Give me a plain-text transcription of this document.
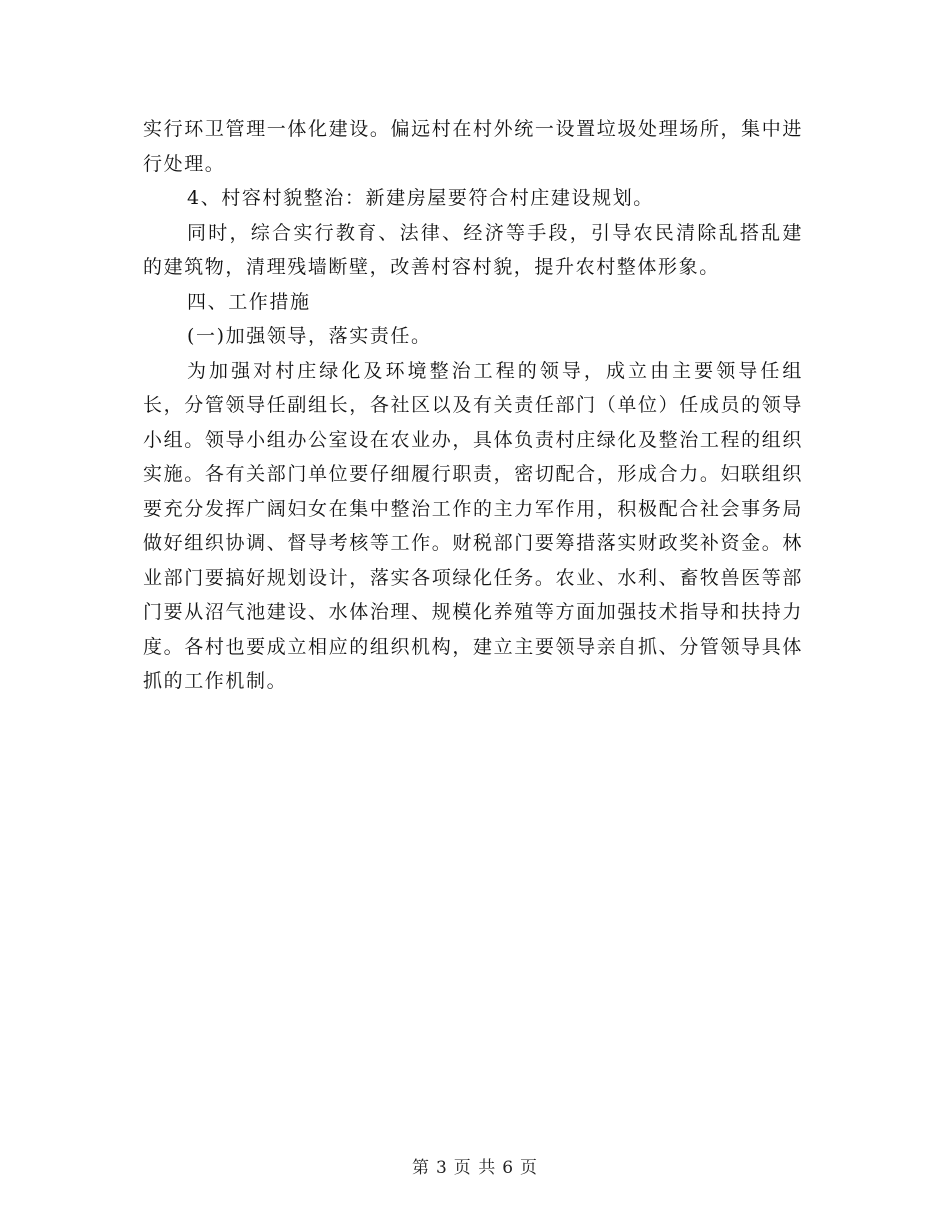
实行环卫管理一体化建设。偏远村在村外统一设置垃圾处理场所，集中进行处理。

4、村容村貌整治：新建房屋要符合村庄建设规划。

同时，综合实行教育、法律、经济等手段，引导农民清除乱搭乱建的建筑物，清理残墙断壁，改善村容村貌，提升农村整体形象。

四、工作措施

(一)加强领导，落实责任。

为加强对村庄绿化及环境整治工程的领导，成立由主要领导任组长，分管领导任副组长，各社区以及有关责任部门（单位）任成员的领导小组。领导小组办公室设在农业办，具体负责村庄绿化及整治工程的组织实施。各有关部门单位要仔细履行职责，密切配合，形成合力。妇联组织要充分发挥广阔妇女在集中整治工作的主力军作用，积极配合社会事务局做好组织协调、督导考核等工作。财税部门要筹措落实财政奖补资金。林业部门要搞好规划设计，落实各项绿化任务。农业、水利、畜牧兽医等部门要从沼气池建设、水体治理、规模化养殖等方面加强技术指导和扶持力度。各村也要成立相应的组织机构，建立主要领导亲自抓、分管领导具体抓的工作机制。

第 3 页 共 6 页
